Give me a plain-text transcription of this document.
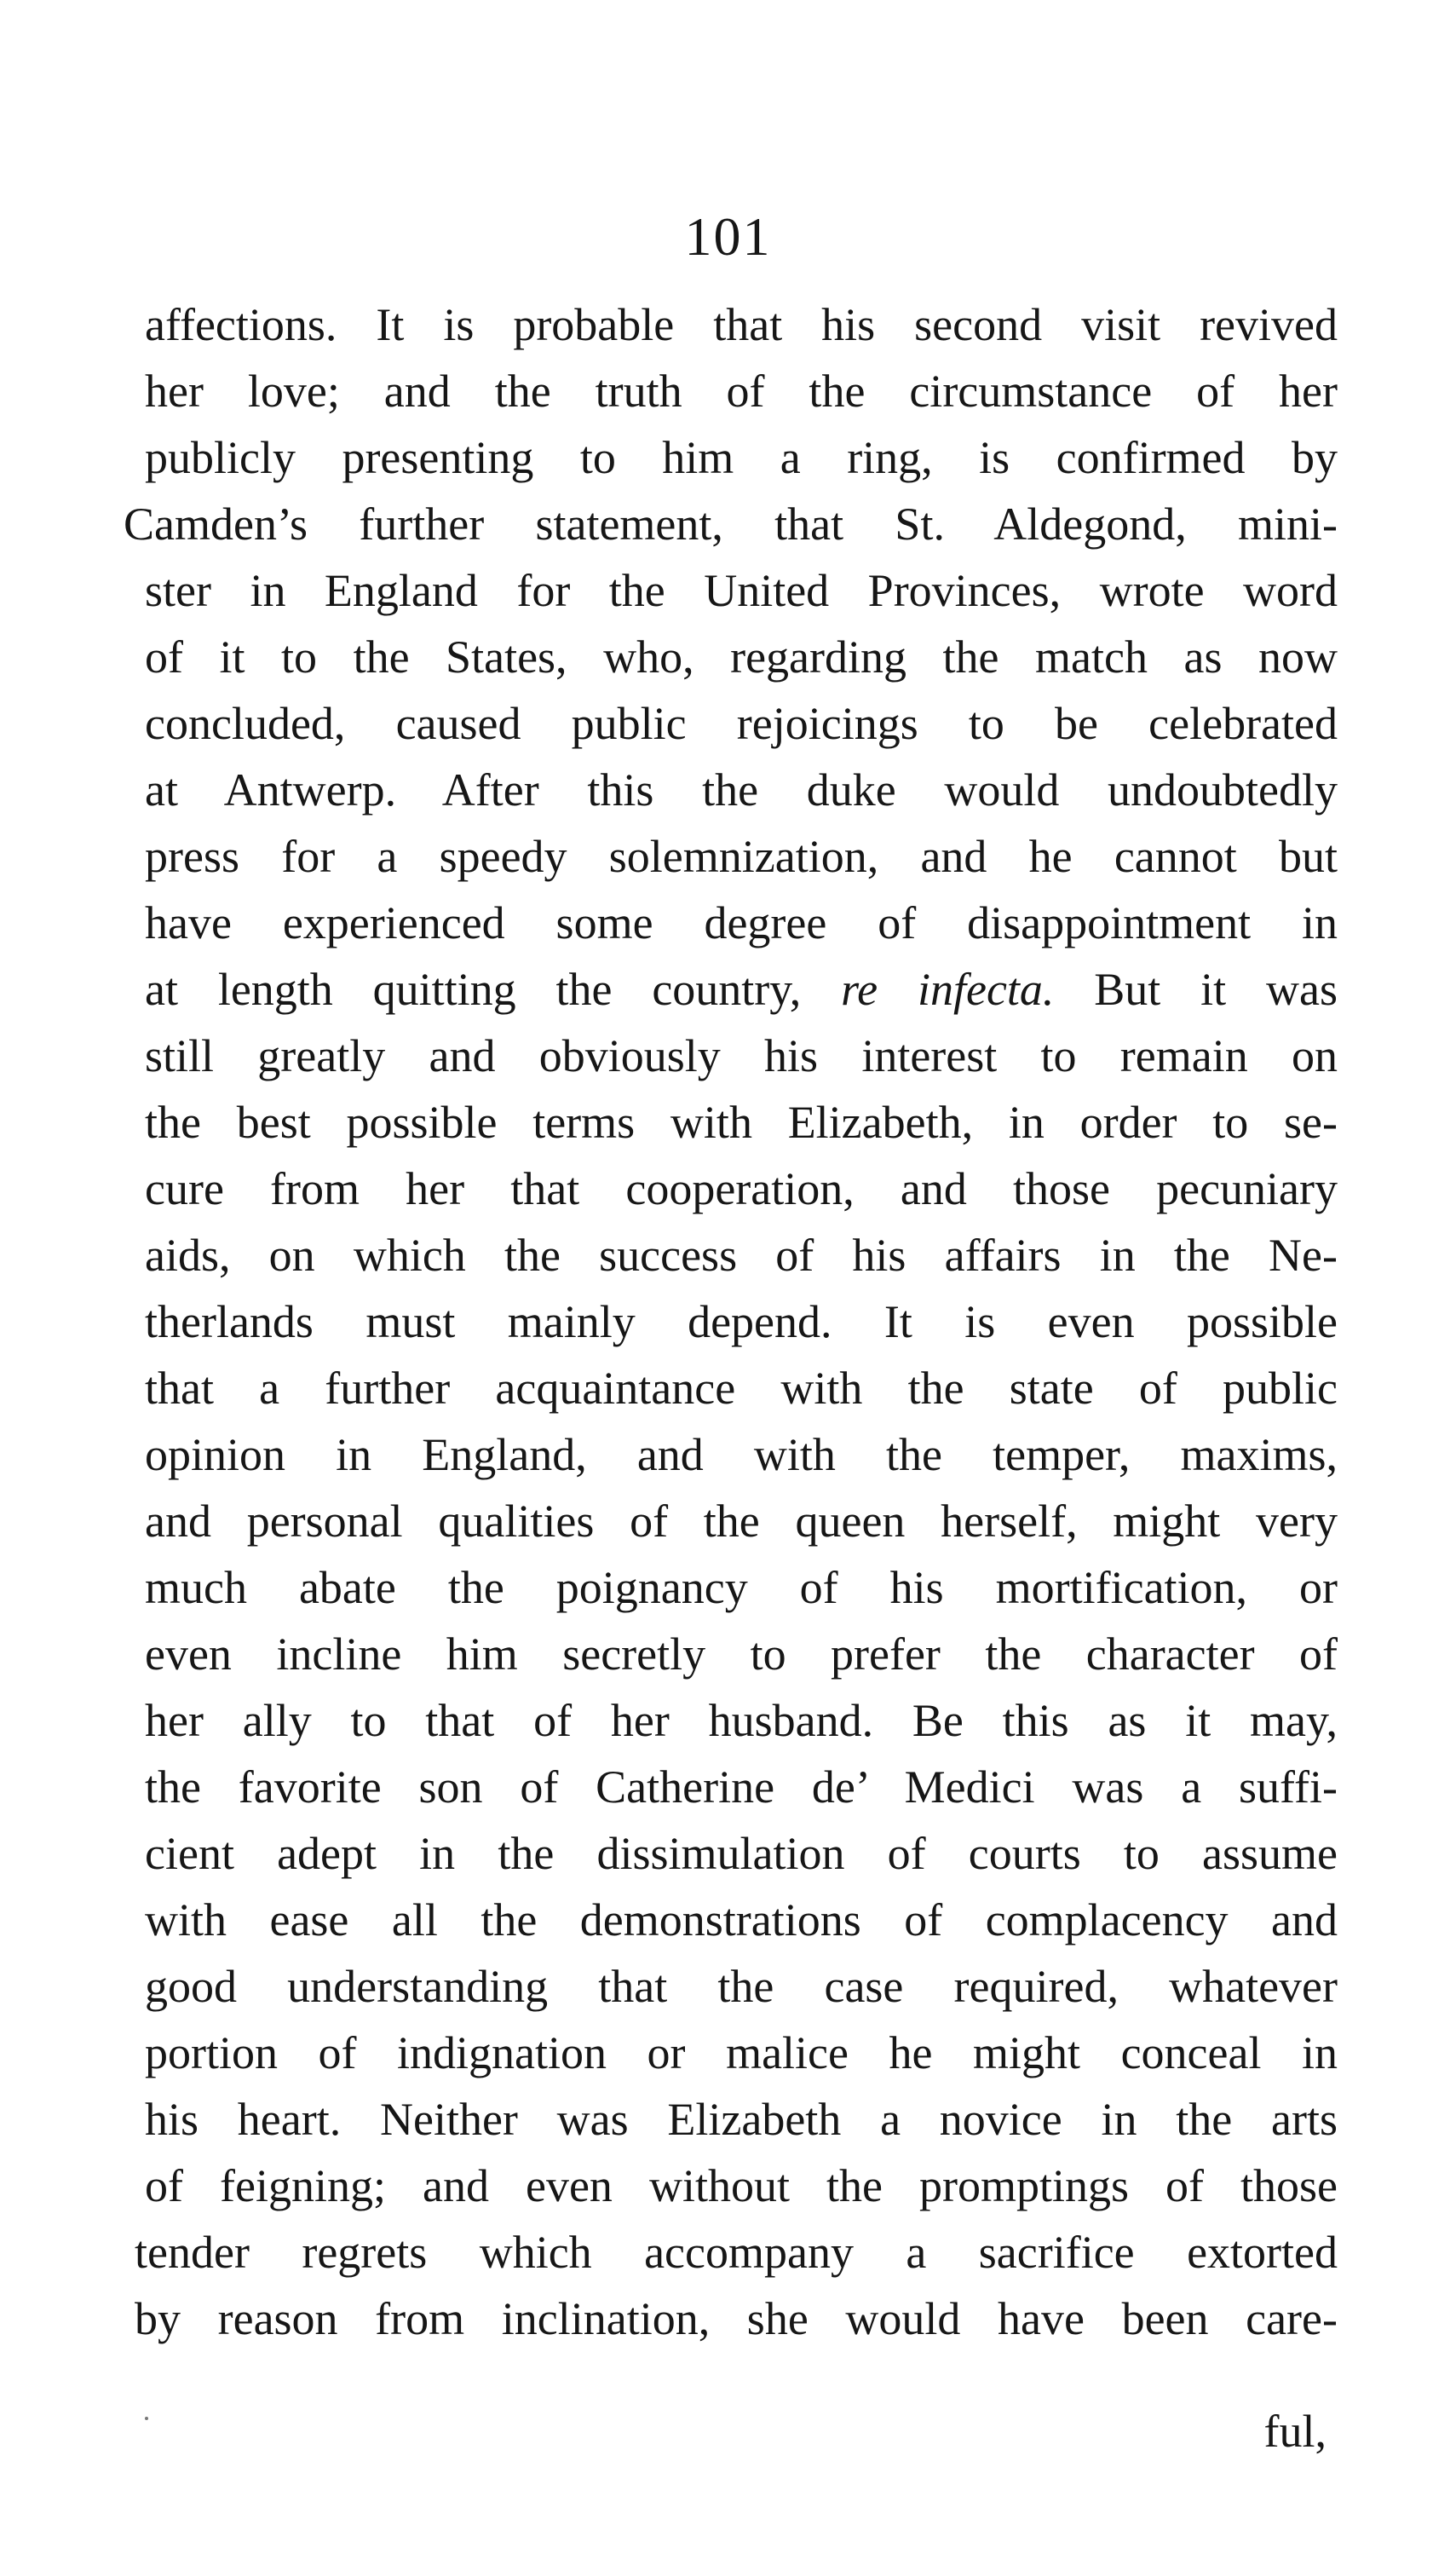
101
affections. It is probable that his second visit revived
her love; and the truth of the circumstance of her
publicly presenting to him a ring, is confirmed by
Camden’s further statement, that St. Aldegond, mini-
ster in England for the United Provinces, wrote word
of it to the States, who, regarding the match as now
concluded, caused public rejoicings to be celebrated
at Antwerp. After this the duke would undoubtedly
press for a speedy solemnization, and he cannot but
have experienced some degree of disappointment in
at length quitting the country, re infecta. But it was
still greatly and obviously his interest to remain on
the best possible terms with Elizabeth, in order to se-
cure from her that cooperation, and those pecuniary
aids, on which the success of his affairs in the Ne-
therlands must mainly depend. It is even possible
that a further acquaintance with the state of public
opinion in England, and with the temper, maxims,
and personal qualities of the queen herself, might very
much abate the poignancy of his mortification, or
even incline him secretly to prefer the character of
her ally to that of her husband. Be this as it may,
the favorite son of Catherine de’ Medici was a suffi-
cient adept in the dissimulation of courts to assume
with ease all the demonstrations of complacency and
good understanding that the case required, whatever
portion of indignation or malice he might conceal in
his heart. Neither was Elizabeth a novice in the arts
of feigning; and even without the promptings of those
tender regrets which accompany a sacrifice extorted
by reason from inclination, she would have been care-
ful,
